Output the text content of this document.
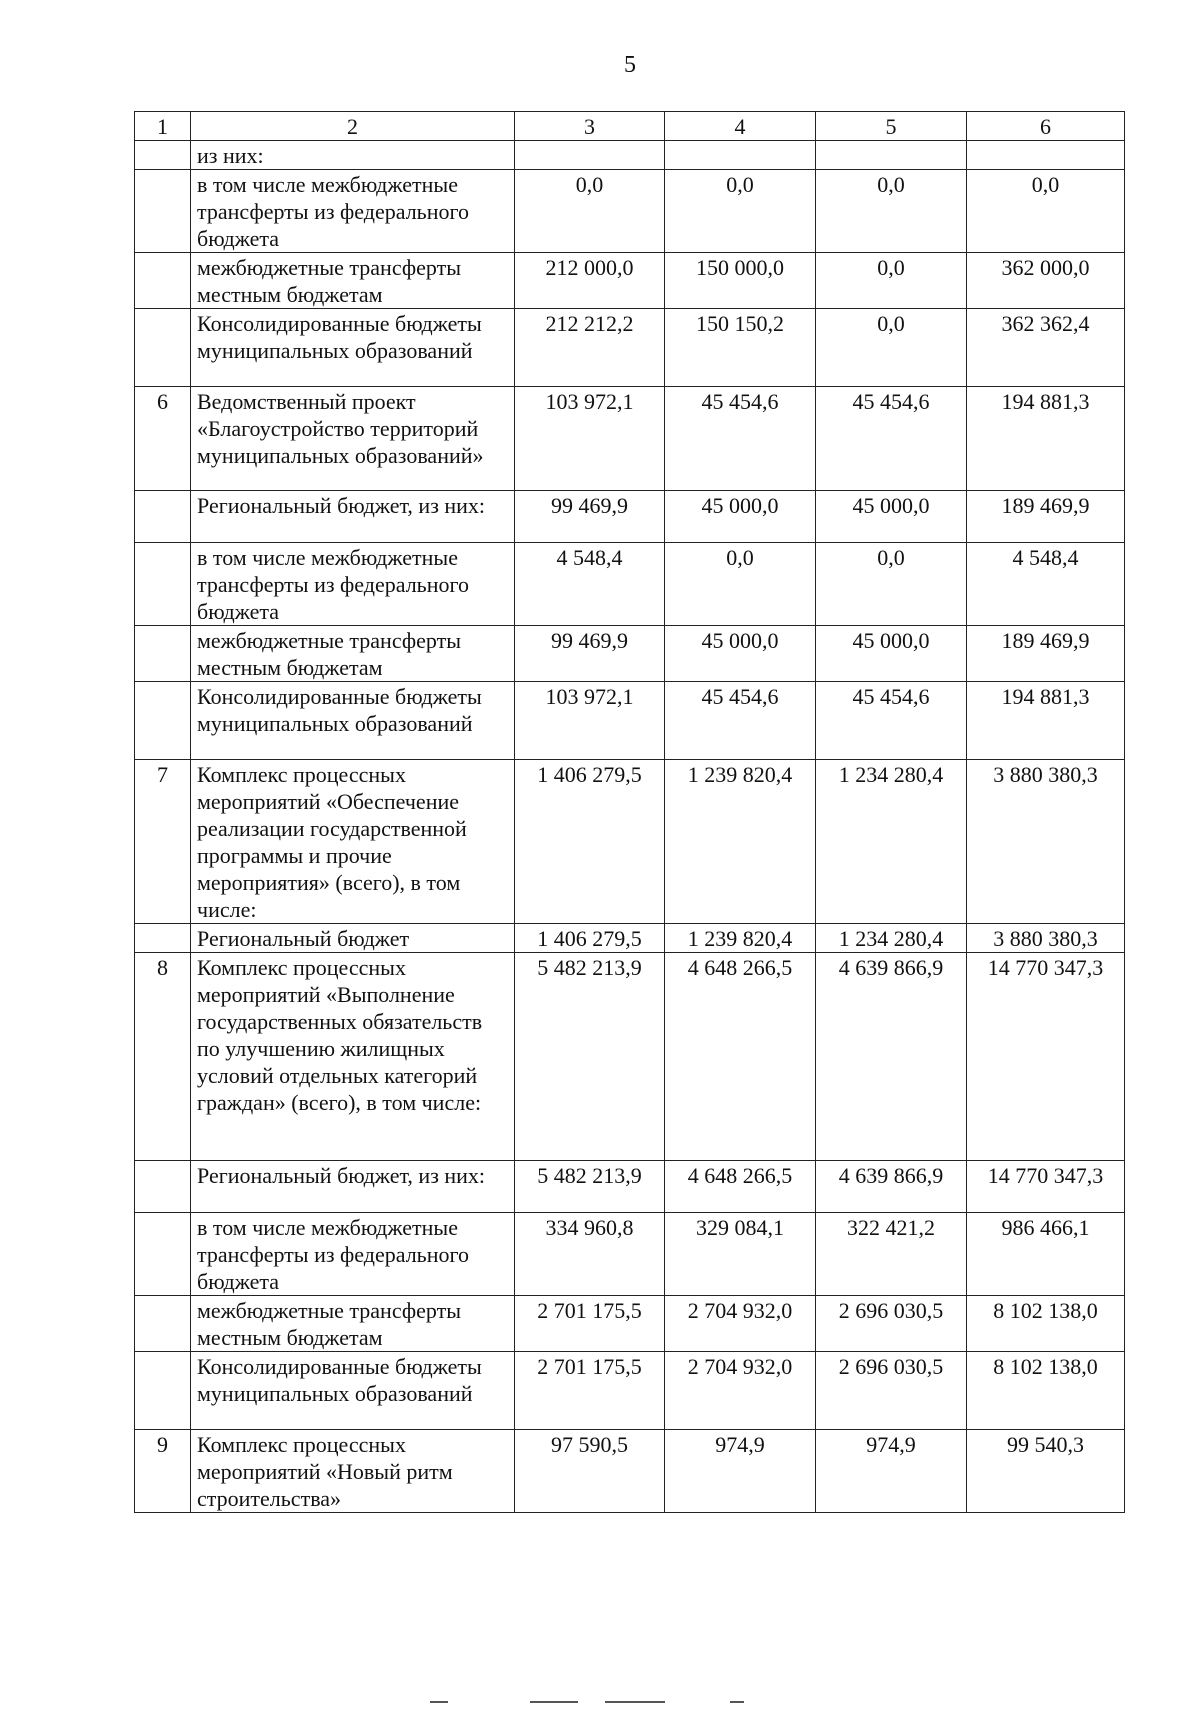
5
1	2	3	4	5	6
	из них:				
	в том числе межбюджетные трансферты из федерального бюджета	0,0	0,0	0,0	0,0
	межбюджетные трансферты местным бюджетам	212 000,0	150 000,0	0,0	362 000,0
	Консолидированные бюджеты муниципальных образований	212 212,2	150 150,2	0,0	362 362,4
6	Ведомственный проект «Благоустройство территорий муниципальных образований»	103 972,1	45 454,6	45 454,6	194 881,3
	Региональный бюджет, из них:	99 469,9	45 000,0	45 000,0	189 469,9
	в том числе межбюджетные трансферты из федерального бюджета	4 548,4	0,0	0,0	4 548,4
	межбюджетные трансферты местным бюджетам	99 469,9	45 000,0	45 000,0	189 469,9
	Консолидированные бюджеты муниципальных образований	103 972,1	45 454,6	45 454,6	194 881,3
7	Комплекс процессных мероприятий «Обеспечение реализации государственной программы и прочие мероприятия» (всего), в том числе:	1 406 279,5	1 239 820,4	1 234 280,4	3 880 380,3
	Региональный бюджет	1 406 279,5	1 239 820,4	1 234 280,4	3 880 380,3
8	Комплекс процессных мероприятий «Выполнение государственных обязательств по улучшению жилищных условий отдельных категорий граждан» (всего), в том числе:	5 482 213,9	4 648 266,5	4 639 866,9	14 770 347,3
	Региональный бюджет, из них:	5 482 213,9	4 648 266,5	4 639 866,9	14 770 347,3
	в том числе межбюджетные трансферты из федерального бюджета	334 960,8	329 084,1	322 421,2	986 466,1
	межбюджетные трансферты местным бюджетам	2 701 175,5	2 704 932,0	2 696 030,5	8 102 138,0
	Консолидированные бюджеты муниципальных образований	2 701 175,5	2 704 932,0	2 696 030,5	8 102 138,0
9	Комплекс процессных мероприятий «Новый ритм строительства»	97 590,5	974,9	974,9	99 540,3
